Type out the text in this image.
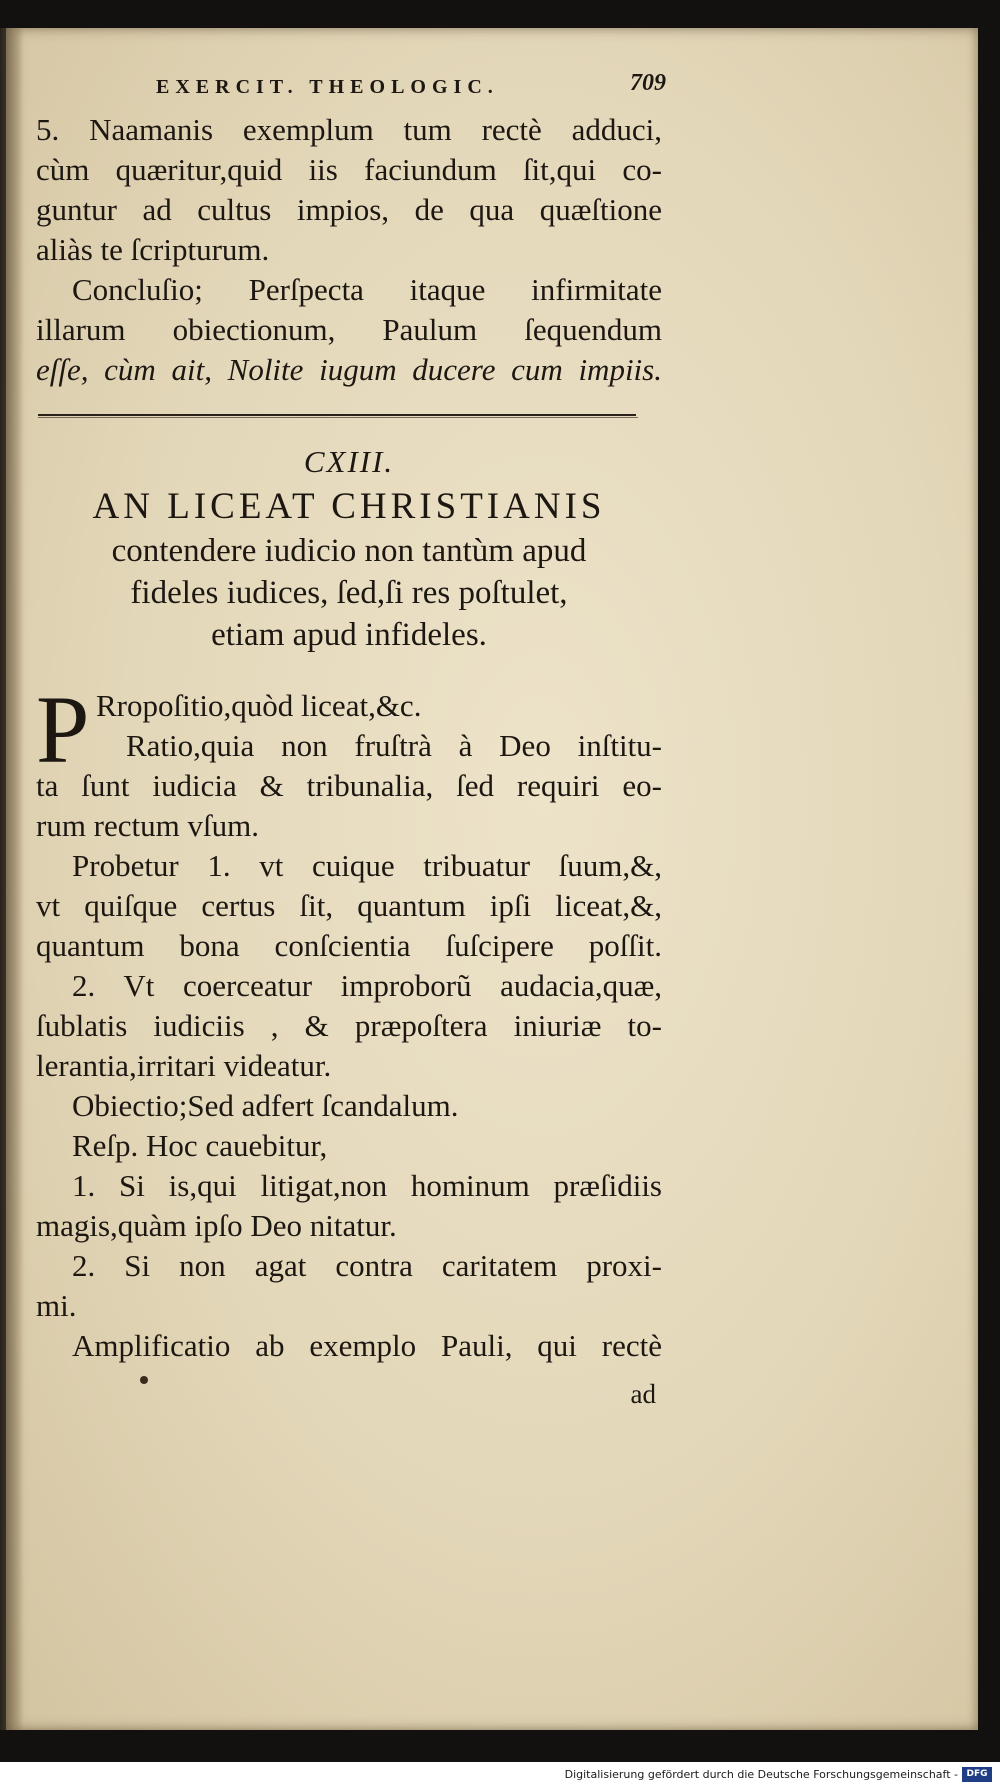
EXERCIT. THEOLOGIC.	709

5. Naamanis exemplum tum rectè adduci,

cùm quæritur,quid iis faciundum ſit,qui co-

guntur ad cultus impios, de qua quæſtione

aliàs te ſcripturum.

Concluſio; Perſpecta itaque infirmitate

illarum obiectionum, Paulum ſequendum

eſſe, cùm ait, Nolite iugum ducere cum impiis.

CXIII.

AN LICEAT CHRISTIANIS

contendere iudicio non tantùm apud

fideles iudices, ſed,ſi res poſtulet,

etiam apud infideles.

P Rropoſitio,quòd liceat,&c.

Ratio,quia non fruſtrà à Deo inſtitu-

ta ſunt iudicia & tribunalia, ſed requiri eo-

rum rectum vſum.

Probetur 1. vt cuique tribuatur ſuum,&,

vt quiſque certus ſit, quantum ipſi liceat,&,

quantum bona conſcientia ſuſcipere poſſit.

2. Vt coerceatur improborũ audacia,quæ,

ſublatis iudiciis , & præpoſtera iniuriæ to-

lerantia,irritari videatur.

Obiectio;Sed adfert ſcandalum.

Reſp. Hoc cauebitur,

1. Si is,qui litigat,non hominum præſidiis

magis,quàm ipſo Deo nitatur.

2. Si non agat contra caritatem proxi-

mi.

Amplificatio ab exemplo Pauli, qui rectè

ad
Digitalisierung gefördert durch die Deutsche Forschungsgemeinschaft - DFG
